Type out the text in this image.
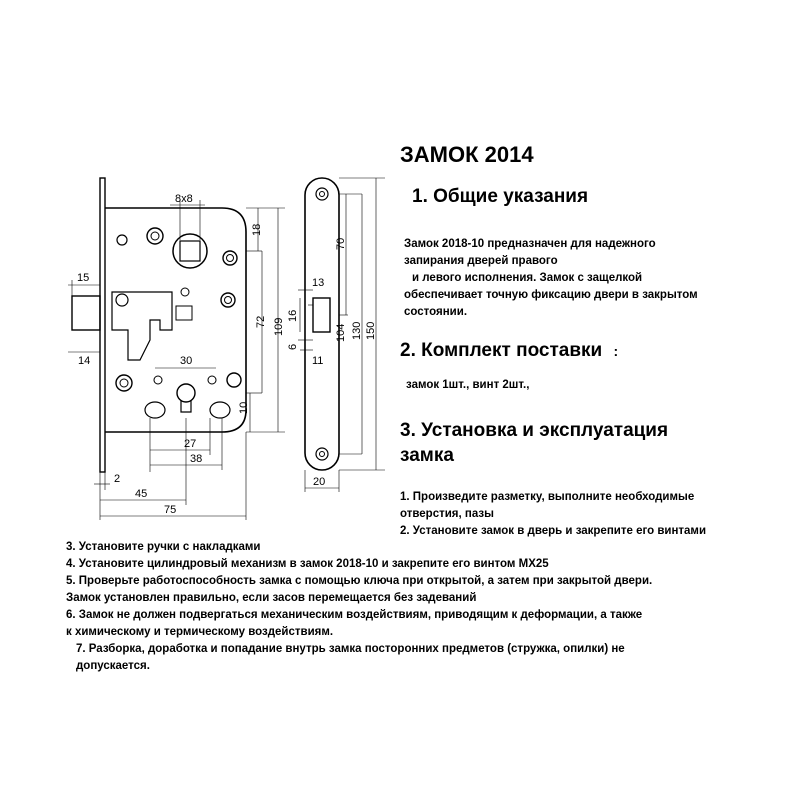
8x8
18
72 109
15
14	30
27
38
10
2
45
75
13
16
6
11
70
104 130 150
20
ЗАМОК 2014
1. Общие указания
Замок 2018-10 предназначен для надежного
запирания дверей правого
и левого исполнения. Замок с защелкой
обеспечивает точную фиксацию двери в закрытом
состоянии.
2. Комплект поставки :
замок 1шт., винт 2шт.,
3. Установка и эксплуатация
замка
1. Произведите разметку, выполните необходимые
отверстия, пазы
2. Установите замок в дверь и закрепите его винтами
3. Установите ручки с накладками
4. Установите цилиндровый механизм в замок 2018-10 и закрепите его винтом МХ25
5. Проверьте работоспособность замка с помощью ключа при открытой, а затем при закрытой двери.
Замок установлен правильно, если засов перемещается без задеваний
6. Замок не должен подвергаться механическим воздействиям, приводящим к деформации, а также
к химическому и термическому воздействиям.
7. Разборка, доработка и попадание внутрь замка посторонних предметов (стружка, опилки) не
допускается.
